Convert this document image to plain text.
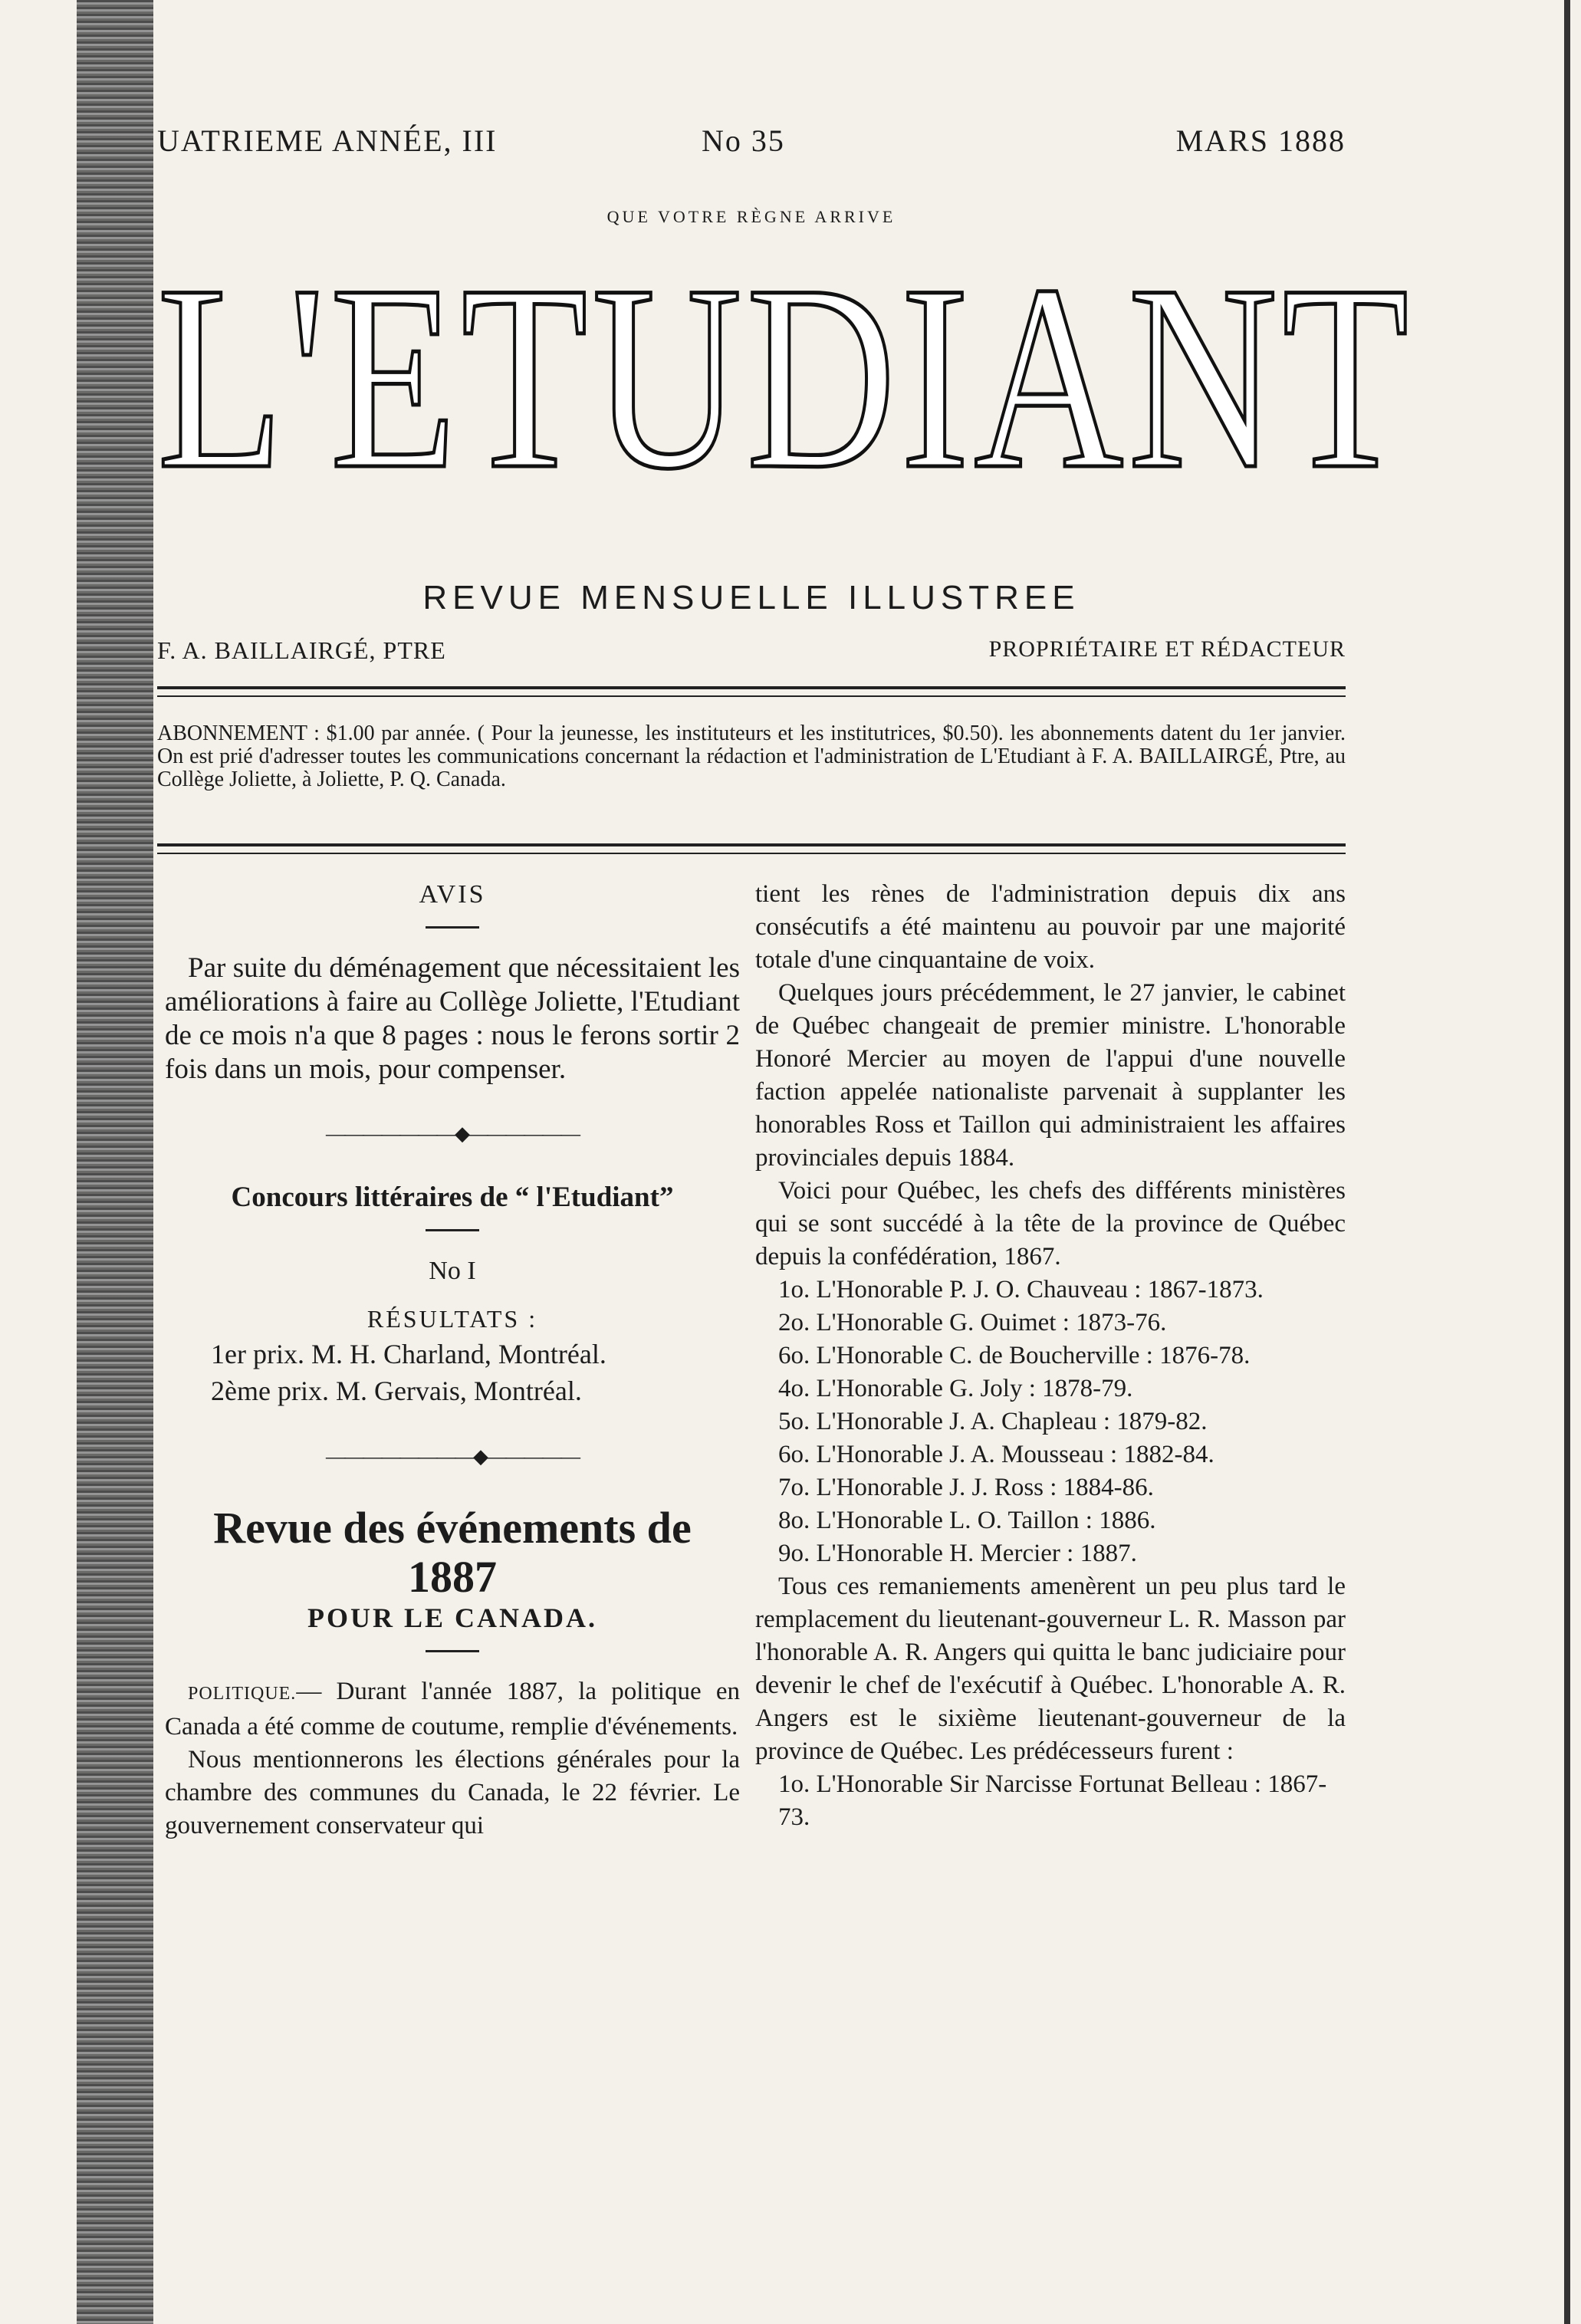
UATRIEME ANNÉE, III	No 35	MARS 1888
QUE VOTRE RÈGNE ARRIVE
L'ETUDIANT
REVUE MENSUELLE ILLUSTREE
F. A. BAILLAIRGÉ, PTRE	PROPRIÉTAIRE ET RÉDACTEUR
ABONNEMENT : $1.00 par année. ( Pour la jeunesse, les instituteurs et les institutrices, $0.50). les abonnements datent du 1er janvier. On est prié d'adresser toutes les communications concernant la rédaction et l'administration de L'Etudiant à F. A. BAILLAIRGÉ, Ptre, au Collège Joliette, à Joliette, P. Q. Canada.
AVIS

Par suite du déménagement que nécessitaient les améliorations à faire au Collège Joliette, l'Etudiant de ce mois n'a que 8 pages : nous le ferons sortir 2 fois dans un mois, pour compenser.

———————◆——————
Concours littéraires de “ l'Etudiant”
No I
RÉSULTATS :
1er prix. M. H. Charland, Montréal.
2ème prix. M. Gervais, Montréal.
————————◆—————
Revue des événements de 1887
POUR LE CANADA.

POLITIQUE.— Durant l'année 1887, la politique en Canada a été comme de coutume, remplie d'événements.

Nous mentionnerons les élections générales pour la chambre des communes du Canada, le 22 février. Le gouvernement conservateur qui

tient les rènes de l'administration depuis dix ans consécutifs a été maintenu au pouvoir par une majorité totale d'une cinquantaine de voix.

Quelques jours précédemment, le 27 janvier, le cabinet de Québec changeait de premier ministre. L'honorable Honoré Mercier au moyen de l'appui d'une nouvelle faction appelée nationaliste parvenait à supplanter les honorables Ross et Taillon qui administraient les affaires provinciales depuis 1884.

Voici pour Québec, les chefs des différents ministères qui se sont succédé à la tête de la province de Québec depuis la confédération, 1867.

1o. L'Honorable P. J. O. Chauveau : 1867-1873.
2o. L'Honorable G. Ouimet : 1873-76.
6o. L'Honorable C. de Boucherville : 1876-78.
4o. L'Honorable G. Joly : 1878-79.
5o. L'Honorable J. A. Chapleau : 1879-82.
6o. L'Honorable J. A. Mousseau : 1882-84.
7o. L'Honorable J. J. Ross : 1884-86.
8o. L'Honorable L. O. Taillon : 1886.
9o. L'Honorable H. Mercier : 1887.

Tous ces remaniements amenèrent un peu plus tard le remplacement du lieutenant-gouverneur L. R. Masson par l'honorable A. R. Angers qui quitta le banc judiciaire pour devenir le chef de l'exécutif à Québec. L'honorable A. R. Angers est le sixième lieutenant-gouverneur de la province de Québec. Les prédécesseurs furent :

1o. L'Honorable Sir Narcisse Fortunat Belleau : 1867-73.
